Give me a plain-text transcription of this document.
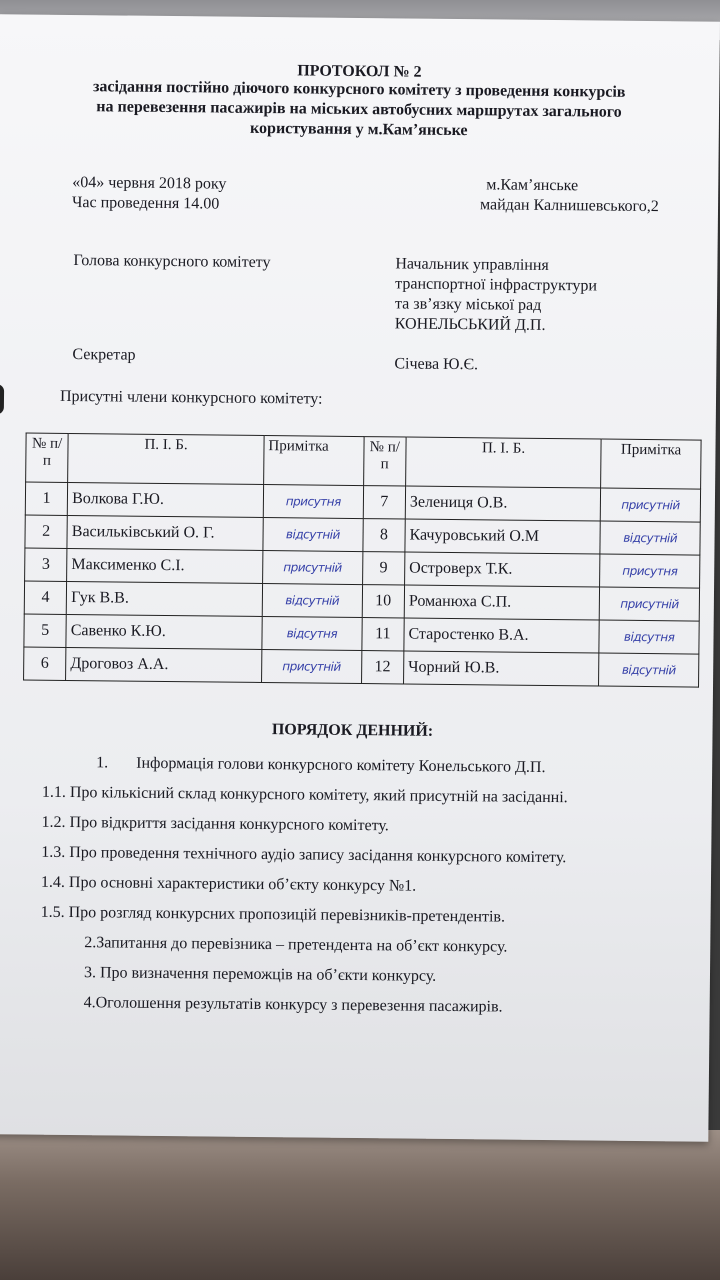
ПРОТОКОЛ № 2
засідання постійно діючого конкурсного комітету з проведення конкурсів
на перевезення пасажирів на міських автобусних маршрутах загального
користування у м.Кам’янське
«04» червня 2018 року
Час проведення 14.00
м.Кам’янське
майдан Калнишевського,2
Голова конкурсного комітету	Начальник управління
транспортної інфраструктури
та зв’язку міської рад
КОНЕЛЬСЬКИЙ Д.П.
Секретар
Січева Ю.Є.
Присутні члени конкурсного комітету:
№ п/п	П. І. Б.	Примітка	№ п/п	П. І. Б.	Примітка
1	Волкова Г.Ю.	присутня	7	Зелениця О.В.	присутній
2	Васильківський О. Г.	відсутній	8	Качуровський О.М	відсутній
3	Максименко С.І.	присутній	9	Островерх Т.К.	присутня
4	Гук В.В.	відсутній	10	Романюха С.П.	присутній
5	Савенко К.Ю.	відсутня	11	Старостенко В.А.	відсутня
6	Дроговоз А.А.	присутній	12	Чорний Ю.В.	відсутній
ПОРЯДОК ДЕННИЙ:
1.       Інформація голови конкурсного комітету Конельського Д.П.
1.1. Про кількісний склад конкурсного комітету, який присутній на засіданні.
1.2. Про відкриття засідання конкурсного комітету.
1.3. Про проведення технічного аудіо запису засідання конкурсного комітету.
1.4. Про основні характеристики об’єкту конкурсу №1.
1.5. Про розгляд конкурсних пропозицій перевізників-претендентів.
2.Запитання до перевізника – претендента на об’єкт конкурсу.
3. Про визначення переможців на об’єкти конкурсу.
4.Оголошення результатів конкурсу з перевезення пасажирів.
